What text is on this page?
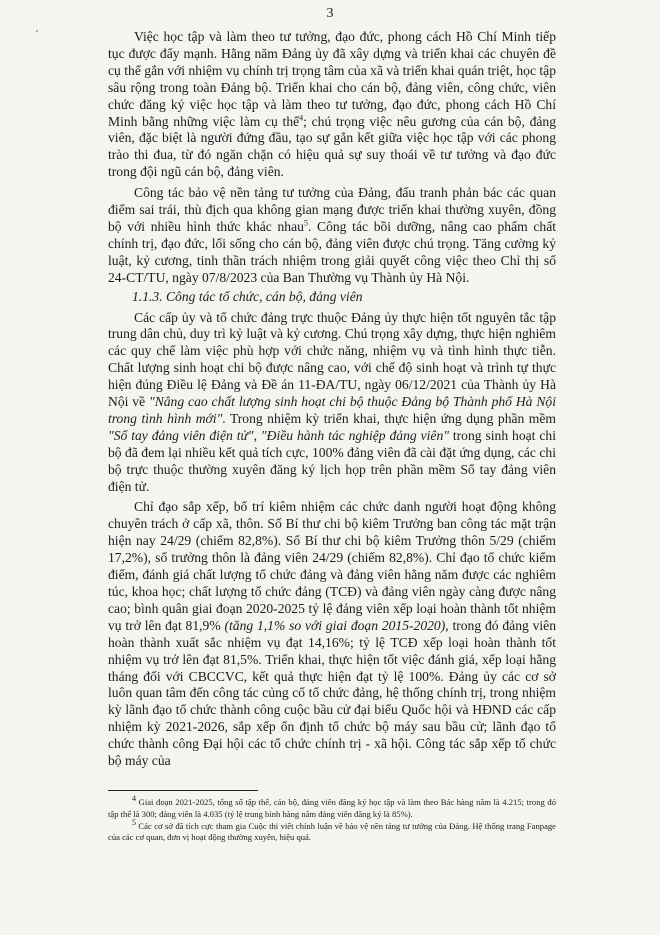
3

Việc học tập và làm theo tư tưởng, đạo đức, phong cách Hồ Chí Minh tiếp tục được đẩy mạnh. Hằng năm Đảng ủy đã xây dựng và triển khai các chuyên đề cụ thể gắn với nhiệm vụ chính trị trọng tâm của xã và triển khai quán triệt, học tập sâu rộng trong toàn Đảng bộ. Triển khai cho cán bộ, đảng viên, công chức, viên chức đăng ký việc học tập và làm theo tư tưởng, đạo đức, phong cách Hồ Chí Minh bằng những việc làm cụ thể$^4$; chú trọng việc nêu gương của cán bộ, đảng viên, đặc biệt là người đứng đầu, tạo sự gắn kết giữa việc học tập với các phong trào thi đua, từ đó ngăn chặn có hiệu quả sự suy thoái về tư tưởng và đạo đức trong đội ngũ cán bộ, đảng viên.

Công tác bảo vệ nền tảng tư tưởng của Đảng, đấu tranh phản bác các quan điểm sai trái, thù địch qua không gian mạng được triển khai thường xuyên, đồng bộ với nhiều hình thức khác nhau$^5$. Công tác bồi dưỡng, nâng cao phẩm chất chính trị, đạo đức, lối sống cho cán bộ, đảng viên được chú trọng. Tăng cường kỷ luật, kỷ cương, tinh thần trách nhiệm trong giải quyết công việc theo Chỉ thị số 24-CT/TU, ngày 07/8/2023 của Ban Thường vụ Thành ủy Hà Nội.

1.1.3. Công tác tổ chức, cán bộ, đảng viên

Các cấp ủy và tổ chức đảng trực thuộc Đảng ủy thực hiện tốt nguyên tắc tập trung dân chủ, duy trì kỷ luật và kỷ cương. Chú trọng xây dựng, thực hiện nghiêm các quy chế làm việc phù hợp với chức năng, nhiệm vụ và tình hình thực tiễn. Chất lượng sinh hoạt chi bộ được nâng cao, với chế độ sinh hoạt và trình tự thực hiện đúng Điều lệ Đảng và Đề án 11-ĐA/TU, ngày 06/12/2021 của Thành ủy Hà Nội về "Nâng cao chất lượng sinh hoạt chi bộ thuộc Đảng bộ Thành phố Hà Nội trong tình hình mới". Trong nhiệm kỳ triển khai, thực hiện ứng dụng phần mềm "Sổ tay đảng viên điện tử", "Điều hành tác nghiệp đảng viên" trong sinh hoạt chi bộ đã đem lại nhiều kết quả tích cực, 100% đảng viên đã cài đặt ứng dụng, các chi bộ trực thuộc thường xuyên đăng ký lịch họp trên phần mềm Sổ tay đảng viên điện tử.

Chỉ đạo sắp xếp, bố trí kiêm nhiệm các chức danh người hoạt động không chuyên trách ở cấp xã, thôn. Số Bí thư chi bộ kiêm Trưởng ban công tác mặt trận hiện nay 24/29 (chiếm 82,8%). Số Bí thư chi bộ kiêm Trưởng thôn 5/29 (chiếm 17,2%), số trưởng thôn là đảng viên 24/29 (chiếm 82,8%). Chỉ đạo tổ chức kiểm điểm, đánh giá chất lượng tổ chức đảng và đảng viên hằng năm được các nghiêm túc, khoa học; chất lượng tổ chức đảng (TCĐ) và đảng viên ngày càng được nâng cao; bình quân giai đoạn 2020-2025 tỷ lệ đảng viên xếp loại hoàn thành tốt nhiệm vụ trở lên đạt 81,9% (tăng 1,1% so với giai đoạn 2015-2020), trong đó đảng viên hoàn thành xuất sắc nhiệm vụ đạt 14,16%; tỷ lệ TCĐ xếp loại hoàn thành tốt nhiệm vụ trở lên đạt 81,5%. Triển khai, thực hiện tốt việc đánh giá, xếp loại hằng tháng đối với CBCCVC, kết quả thực hiện đạt tỷ lệ 100%. Đảng ủy các cơ sở luôn quan tâm đến công tác củng cố tổ chức đảng, hệ thống chính trị, trong nhiệm kỳ lãnh đạo tổ chức thành công cuộc bầu cử đại biểu Quốc hội và HĐND các cấp nhiệm kỳ 2021-2026, sắp xếp ổn định tổ chức bộ máy sau bầu cử; lãnh đạo tổ chức thành công Đại hội các tổ chức chính trị - xã hội. Công tác sắp xếp tổ chức bộ máy của

$^4$ Giai đoạn 2021-2025, tổng số tập thể, cán bộ, đảng viên đăng ký học tập và làm theo Bác hàng năm là 4.215; trong đó tập thể là 300; đảng viên là 4.035 (tỷ lệ trung bình hàng năm đảng viên đăng ký là 85%).

$^5$ Các cơ sở đã tích cực tham gia Cuộc thi viết chính luận về bảo vệ nền tảng tư tưởng của Đảng. Hệ thống trang Fanpage của các cơ quan, đơn vị hoạt động thường xuyên, hiệu quả.
